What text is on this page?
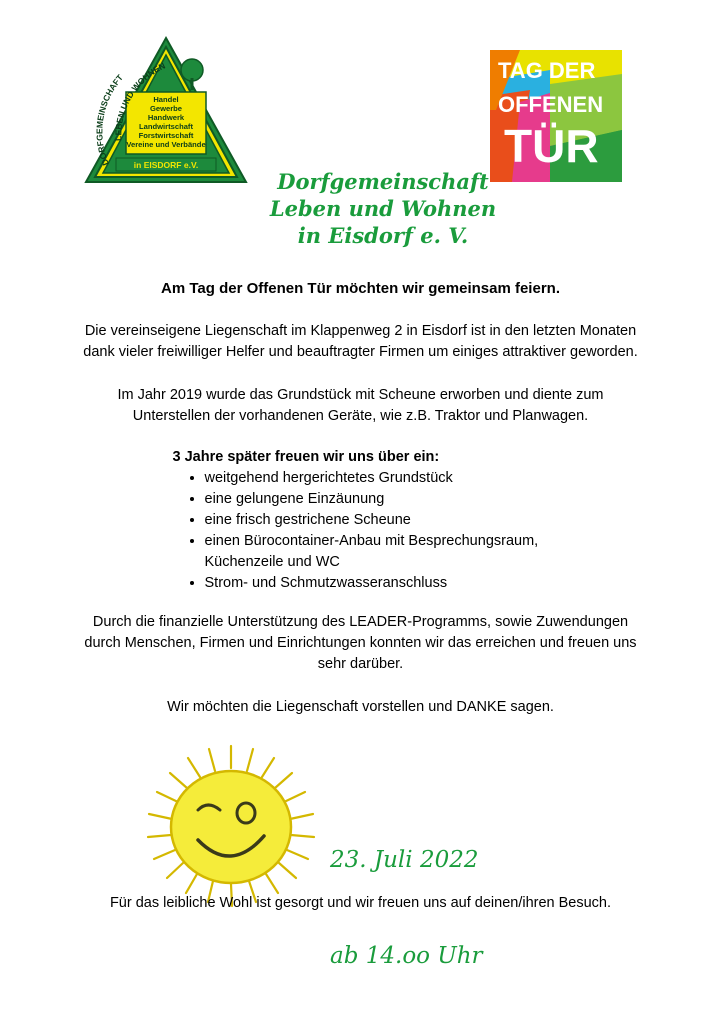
LEBEN UND WOHNEN
DORFGEMEINSCHAFT
Handel
Gewerbe
Handwerk
Landwirtschaft
Forstwirtschaft
Vereine und Verbände
in EISDORF e.V.
TAG DER
OFFENEN
TÜR
Dorfgemeinschaft
Leben und Wohnen
in Eisdorf e. V.

Am Tag der Offenen Tür möchten wir gemeinsam feiern.

Die vereinseigene Liegenschaft im Klappenweg 2 in Eisdorf ist in den letzten Monaten dank vieler freiwilliger Helfer und beauftragter Firmen um einiges attraktiver geworden.

Im Jahr 2019 wurde das Grundstück mit Scheune erworben und diente zum Unterstellen der vorhandenen Geräte, wie z.B. Traktor und Planwagen.

3 Jahre später freuen wir uns über ein:
• weitgehend hergerichtetes Grundstück
• eine gelungene Einzäunung
• eine frisch gestrichene Scheune
• einen Bürocontainer-Anbau mit Besprechungsraum, Küchenzeile und WC
• Strom- und Schmutzwasseranschluss

Durch die finanzielle Unterstützung des LEADER-Programms, sowie Zuwendungen durch Menschen, Firmen und Einrichtungen konnten wir das erreichen und freuen uns sehr darüber.

Wir möchten die Liegenschaft vorstellen und DANKE sagen.

23. Juli 2022

ab 14.oo Uhr

Für das leibliche Wohl ist gesorgt und wir freuen uns auf deinen/ihren Besuch.
